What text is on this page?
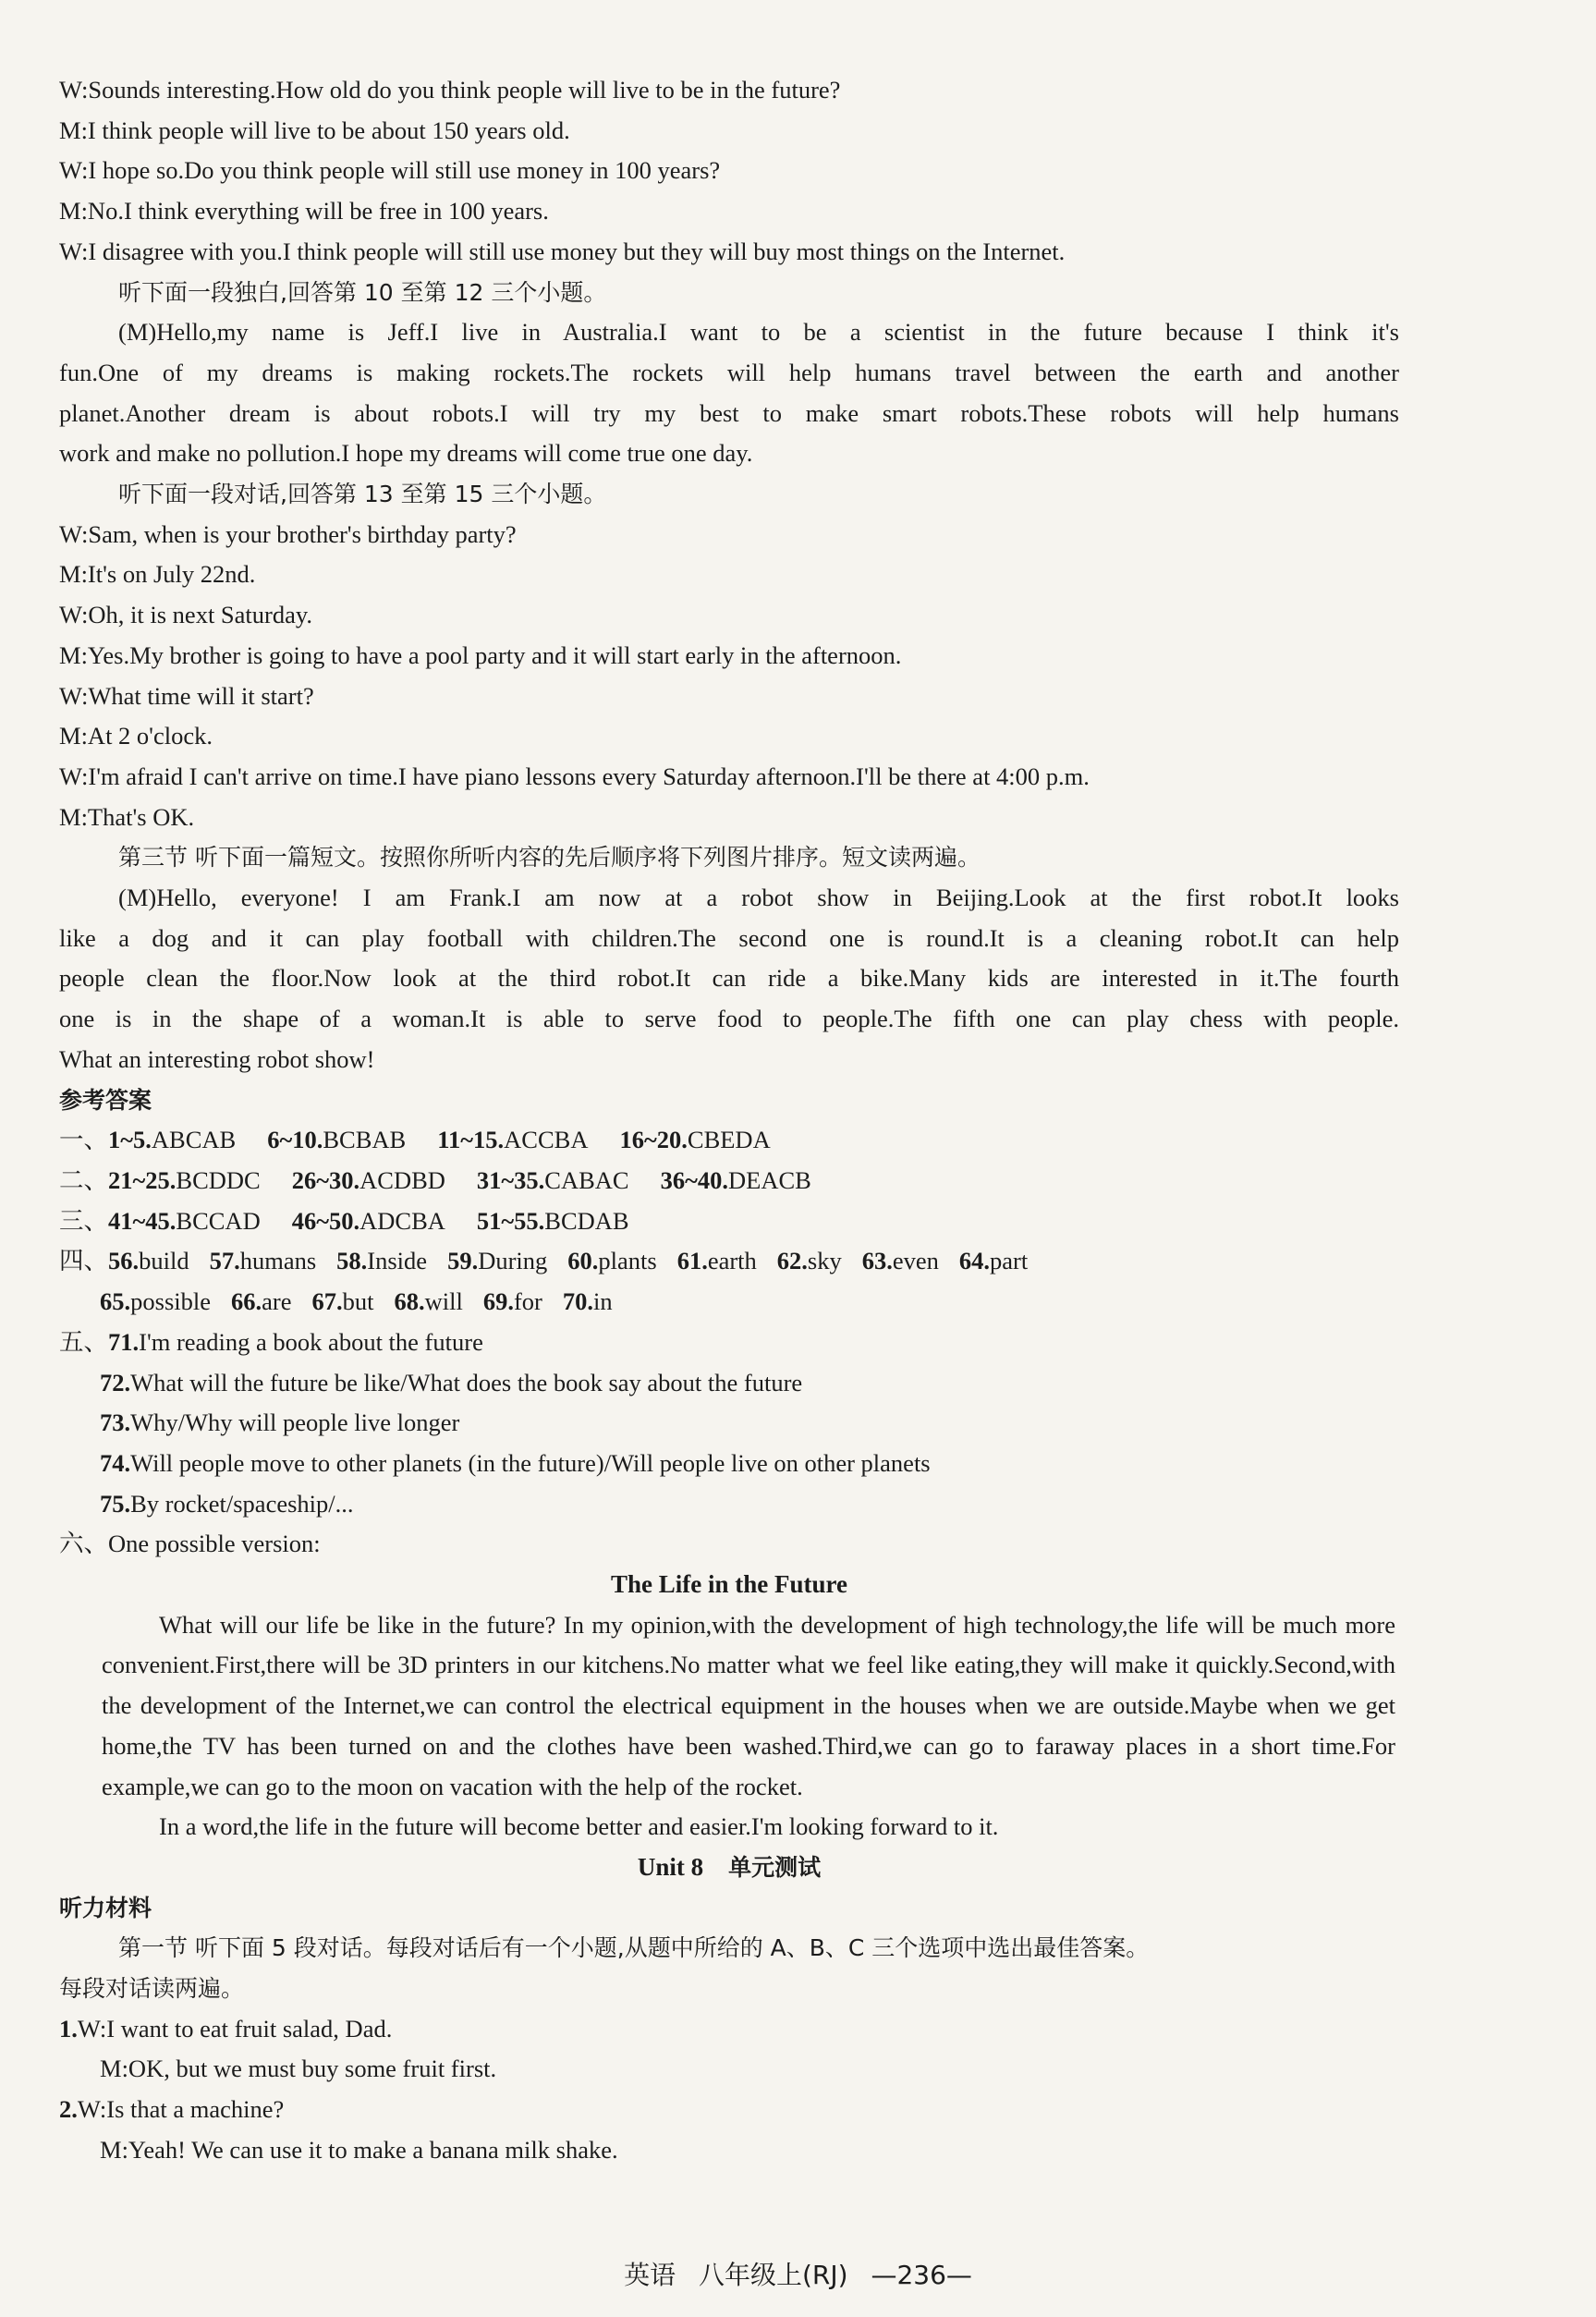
W:Sounds interesting.How old do you think people will live to be in the future?

M:I think people will live to be about 150 years old.

W:I hope so.Do you think people will still use money in 100 years?

M:No.I think everything will be free in 100 years.

W:I disagree with you.I think people will still use money but they will buy most things on the Internet.

听下面一段独白,回答第 10 至第 12 三个小题。

(M)Hello,my name is Jeff.I live in Australia.I want to be a scientist in the future because I think it's

fun.One of my dreams is making rockets.The rockets will help humans travel between the earth and another

planet.Another dream is about robots.I will try my best to make smart robots.These robots will help humans

work and make no pollution.I hope my dreams will come true one day.

听下面一段对话,回答第 13 至第 15 三个小题。

W:Sam, when is your brother's birthday party?

M:It's on July 22nd.

W:Oh, it is next Saturday.

M:Yes.My brother is going to have a pool party and it will start early in the afternoon.

W:What time will it start?

M:At 2 o'clock.

W:I'm afraid I can't arrive on time.I have piano lessons every Saturday afternoon.I'll be there at 4:00 p.m.

M:That's OK.

第三节 听下面一篇短文。按照你所听内容的先后顺序将下列图片排序。短文读两遍。

(M)Hello, everyone! I am Frank.I am now at a robot show in Beijing.Look at the first robot.It looks

like a dog and it can play football with children.The second one is round.It is a cleaning robot.It can help

people clean the floor.Now look at the third robot.It can ride a bike.Many kids are interested in it.The fourth

one is in the shape of a woman.It is able to serve food to people.The fifth one can play chess with people.

What an interesting robot show!

参考答案

一、1~5.ABCAB 6~10.BCBAB 11~15.ACCBA 16~20.CBEDA

二、21~25.BCDDC 26~30.ACDBD 31~35.CABAC 36~40.DEACB

三、41~45.BCCAD 46~50.ADCBA 51~55.BCDAB

四、56.build 57.humans 58.Inside 59.During 60.plants 61.earth 62.sky 63.even 64.part

65.possible 66.are 67.but 68.will 69.for 70.in

五、71.I'm reading a book about the future

72.What will the future be like/What does the book say about the future

73.Why/Why will people live longer

74.Will people move to other planets (in the future)/Will people live on other planets

75.By rocket/spaceship/...

六、One possible version:

The Life in the Future

What will our life be like in the future? In my opinion,with the development of high technology,the life will be much more convenient.First,there will be 3D printers in our kitchens.No matter what we feel like eating,they will make it quickly.Second,with the development of the Internet,we can control the electrical equipment in the houses when we are outside.Maybe when we get home,the TV has been turned on and the clothes have been washed.Third,we can go to faraway places in a short time.For example,we can go to the moon on vacation with the help of the rocket.

In a word,the life in the future will become better and easier.I'm looking forward to it.

Unit 8 单元测试

听力材料

第一节 听下面 5 段对话。每段对话后有一个小题,从题中所给的 A、B、C 三个选项中选出最佳答案。

每段对话读两遍。

1.W:I want to eat fruit salad, Dad.

M:OK, but we must buy some fruit first.

2.W:Is that a machine?

M:Yeah! We can use it to make a banana milk shake.

英语 八年级上(RJ) —236—
